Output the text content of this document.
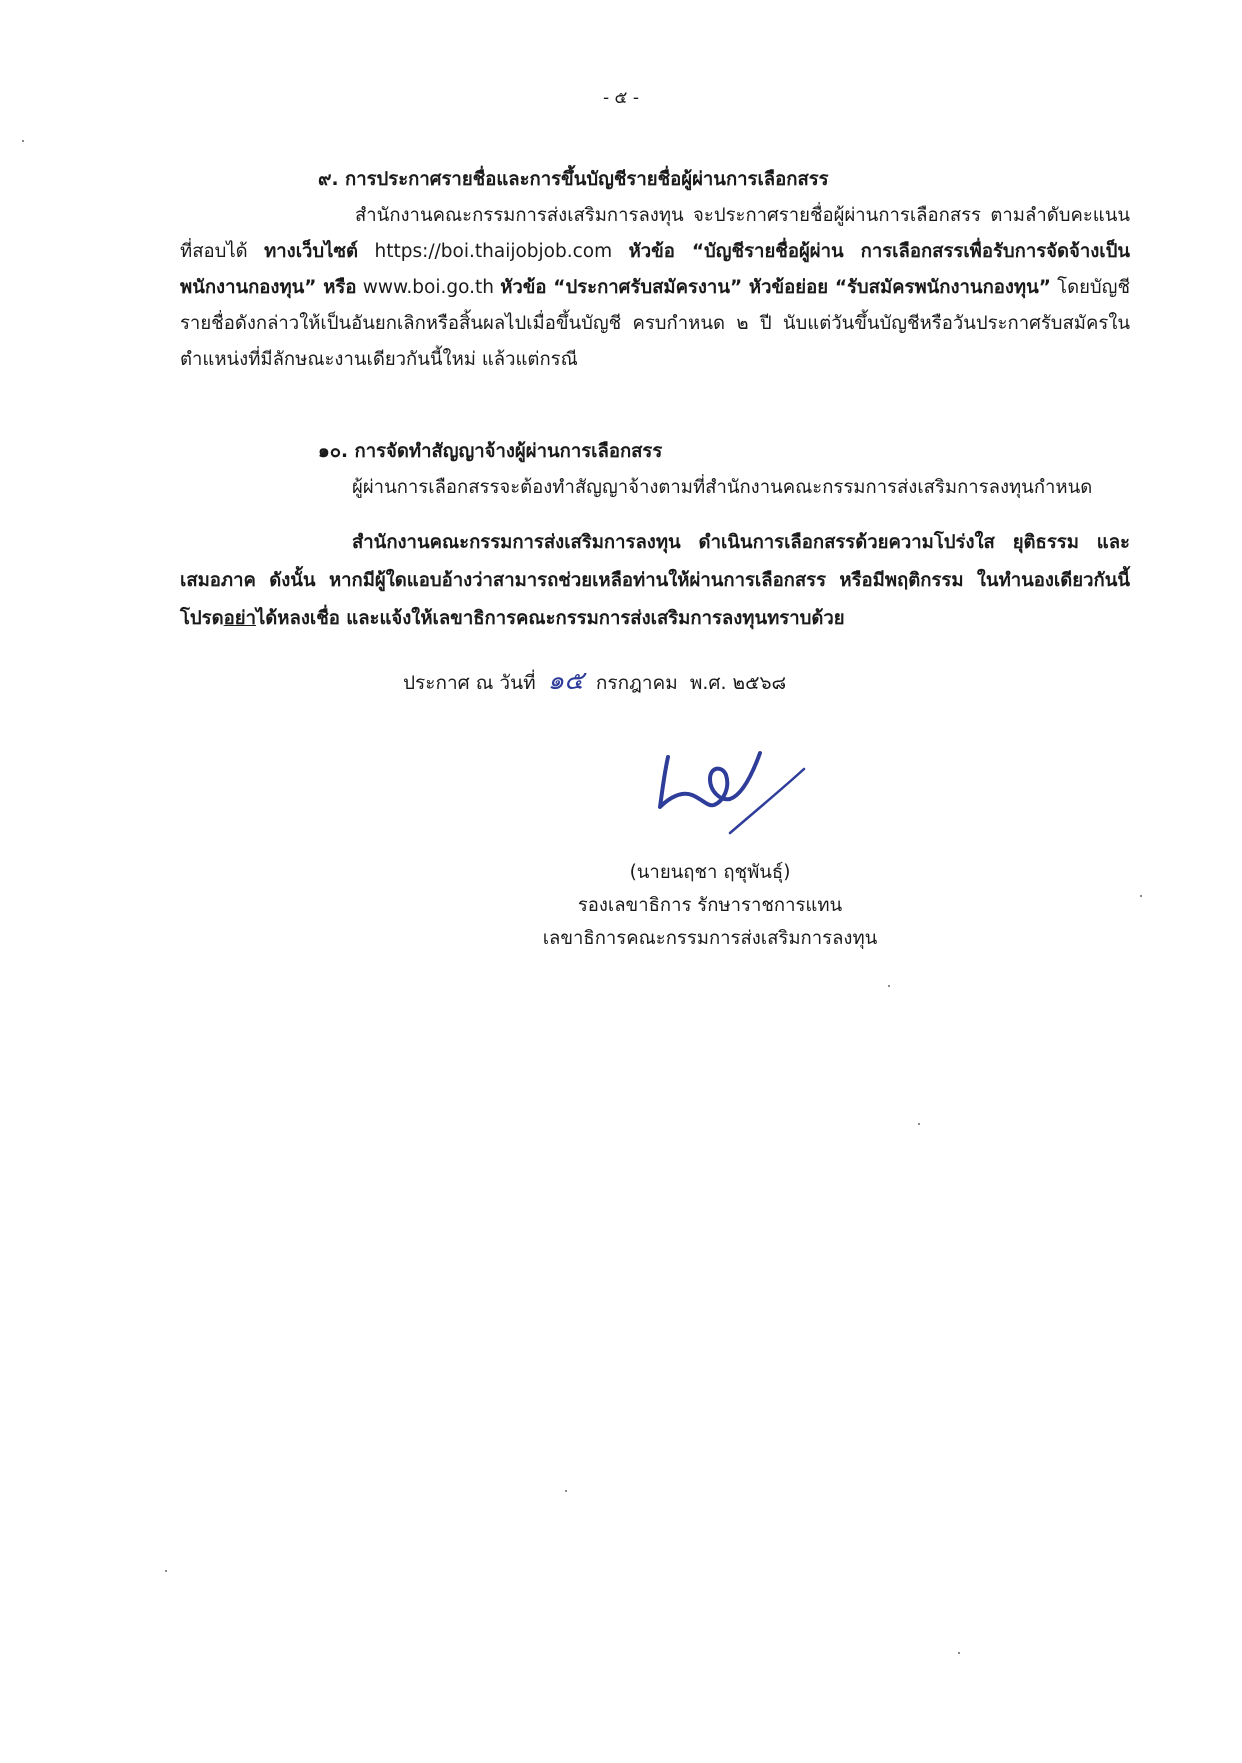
- ๕ -
๙. การประกาศรายชื่อและการขึ้นบัญชีรายชื่อผู้ผ่านการเลือกสรร
สำนักงานคณะกรรมการส่งเสริมการลงทุน จะประกาศรายชื่อผู้ผ่านการเลือกสรร ตามลำดับคะแนนที่สอบได้ ทางเว็บไซต์ https://boi.thaijobjob.com หัวข้อ “บัญชีรายชื่อผู้ผ่าน การเลือกสรรเพื่อรับการจัดจ้างเป็นพนักงานกองทุน” หรือ www.boi.go.th หัวข้อ “ประกาศรับสมัครงาน” หัวข้อย่อย “รับสมัครพนักงานกองทุน” โดยบัญชีรายชื่อดังกล่าวให้เป็นอันยกเลิกหรือสิ้นผลไปเมื่อขึ้นบัญชี ครบกำหนด ๒ ปี นับแต่วันขึ้นบัญชีหรือวันประกาศรับสมัครในตำแหน่งที่มีลักษณะงานเดียวกันนี้ใหม่ แล้วแต่กรณี
๑๐. การจัดทำสัญญาจ้างผู้ผ่านการเลือกสรร
ผู้ผ่านการเลือกสรรจะต้องทำสัญญาจ้างตามที่สำนักงานคณะกรรมการส่งเสริมการลงทุนกำหนด
สำนักงานคณะกรรมการส่งเสริมการลงทุน ดำเนินการเลือกสรรด้วยความโปร่งใส ยุติธรรม และเสมอภาค ดังนั้น หากมีผู้ใดแอบอ้างว่าสามารถช่วยเหลือท่านให้ผ่านการเลือกสรร หรือมีพฤติกรรม ในทำนองเดียวกันนี้ โปรดอย่าได้หลงเชื่อ และแจ้งให้เลขาธิการคณะกรรมการส่งเสริมการลงทุนทราบด้วย
ประกาศ ณ วันที่ ๑๕ กรกฎาคม พ.ศ. ๒๕๖๘
(นายนฤชา ฤชุพันธุ์)
รองเลขาธิการ รักษาราชการแทน
เลขาธิการคณะกรรมการส่งเสริมการลงทุน
